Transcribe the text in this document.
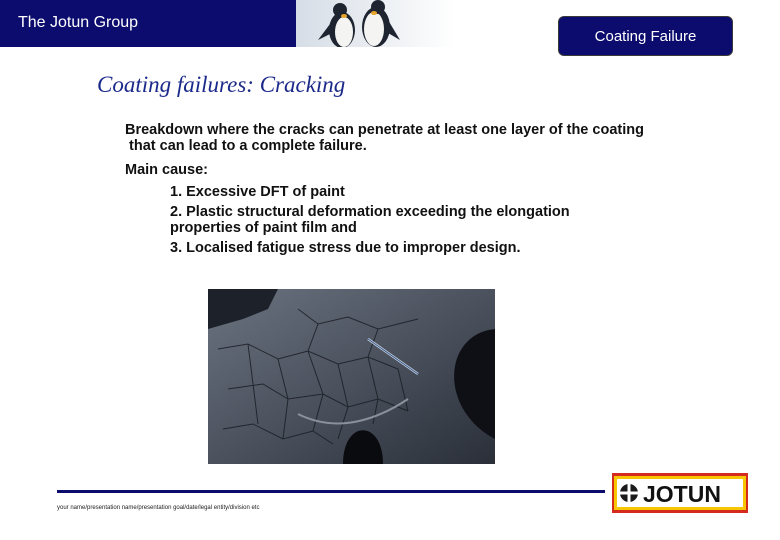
The Jotun Group
Coating Failure
Coating failures: Cracking
Breakdown where the cracks can penetrate at least one layer of the coating
that can lead to a complete failure.
Main cause:
1. Excessive DFT of paint
2. Plastic structural deformation exceeding the elongation
properties of paint film and
3. Localised fatigue stress due to improper design.
your name/presentation name/presentation goal/date/legal entity/division etc
JOTUN
